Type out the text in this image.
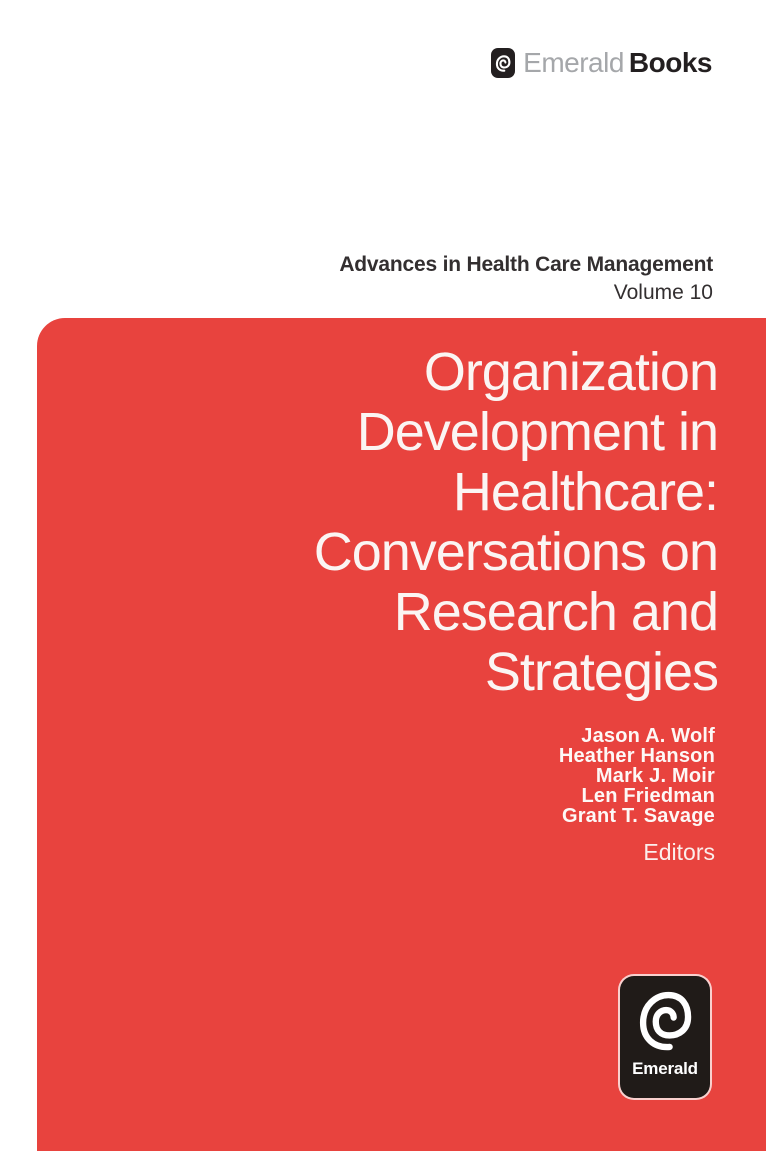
Emerald Books
Advances in Health Care Management
Volume 10
Organization
Development in
Healthcare:
Conversations on
Research and
Strategies
Jason A. Wolf
Heather Hanson
Mark J. Moir
Len Friedman
Grant T. Savage
Editors
Emerald
